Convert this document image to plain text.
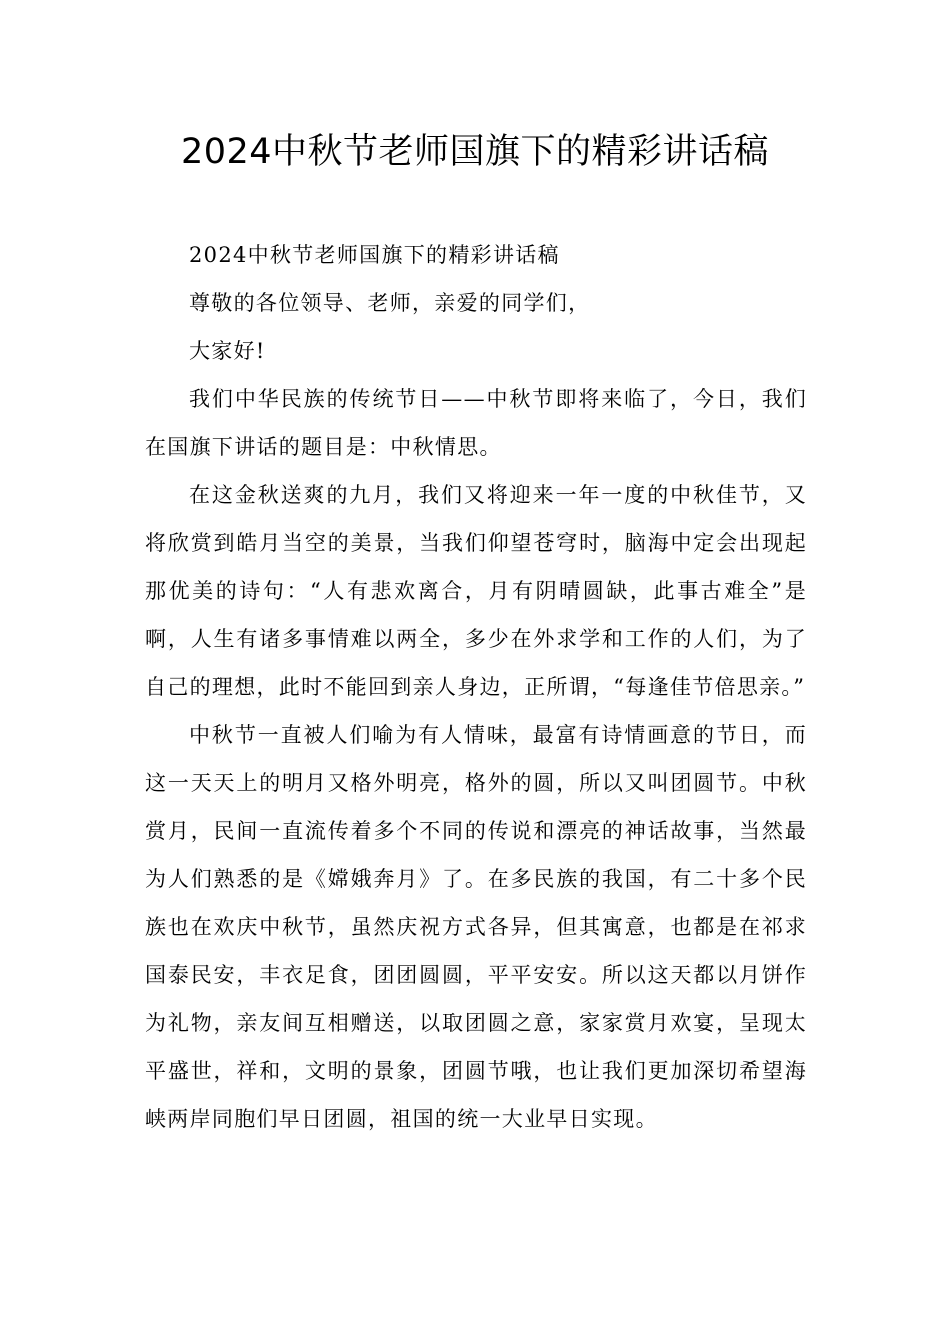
2024中秋节老师国旗下的精彩讲话稿

2024中秋节老师国旗下的精彩讲话稿

尊敬的各位领导、老师，亲爱的同学们，

大家好!

我们中华民族的传统节日——中秋节即将来临了，今日，我们在国旗下讲话的题目是：中秋情思。

在这金秋送爽的九月，我们又将迎来一年一度的中秋佳节，又将欣赏到皓月当空的美景，当我们仰望苍穹时，脑海中定会出现起那优美的诗句：“人有悲欢离合，月有阴晴圆缺，此事古难全”是啊，人生有诸多事情难以两全，多少在外求学和工作的人们，为了自己的理想，此时不能回到亲人身边，正所谓，“每逢佳节倍思亲。”

中秋节一直被人们喻为有人情味，最富有诗情画意的节日，而这一天天上的明月又格外明亮，格外的圆，所以又叫团圆节。中秋赏月，民间一直流传着多个不同的传说和漂亮的神话故事，当然最为人们熟悉的是《嫦娥奔月》了。在多民族的我国，有二十多个民族也在欢庆中秋节，虽然庆祝方式各异，但其寓意，也都是在祁求国泰民安，丰衣足食，团团圆圆，平平安安。所以这天都以月饼作为礼物，亲友间互相赠送，以取团圆之意，家家赏月欢宴，呈现太平盛世，祥和，文明的景象，团圆节哦，也让我们更加深切希望海峡两岸同胞们早日团圆，祖国的统一大业早日实现。
